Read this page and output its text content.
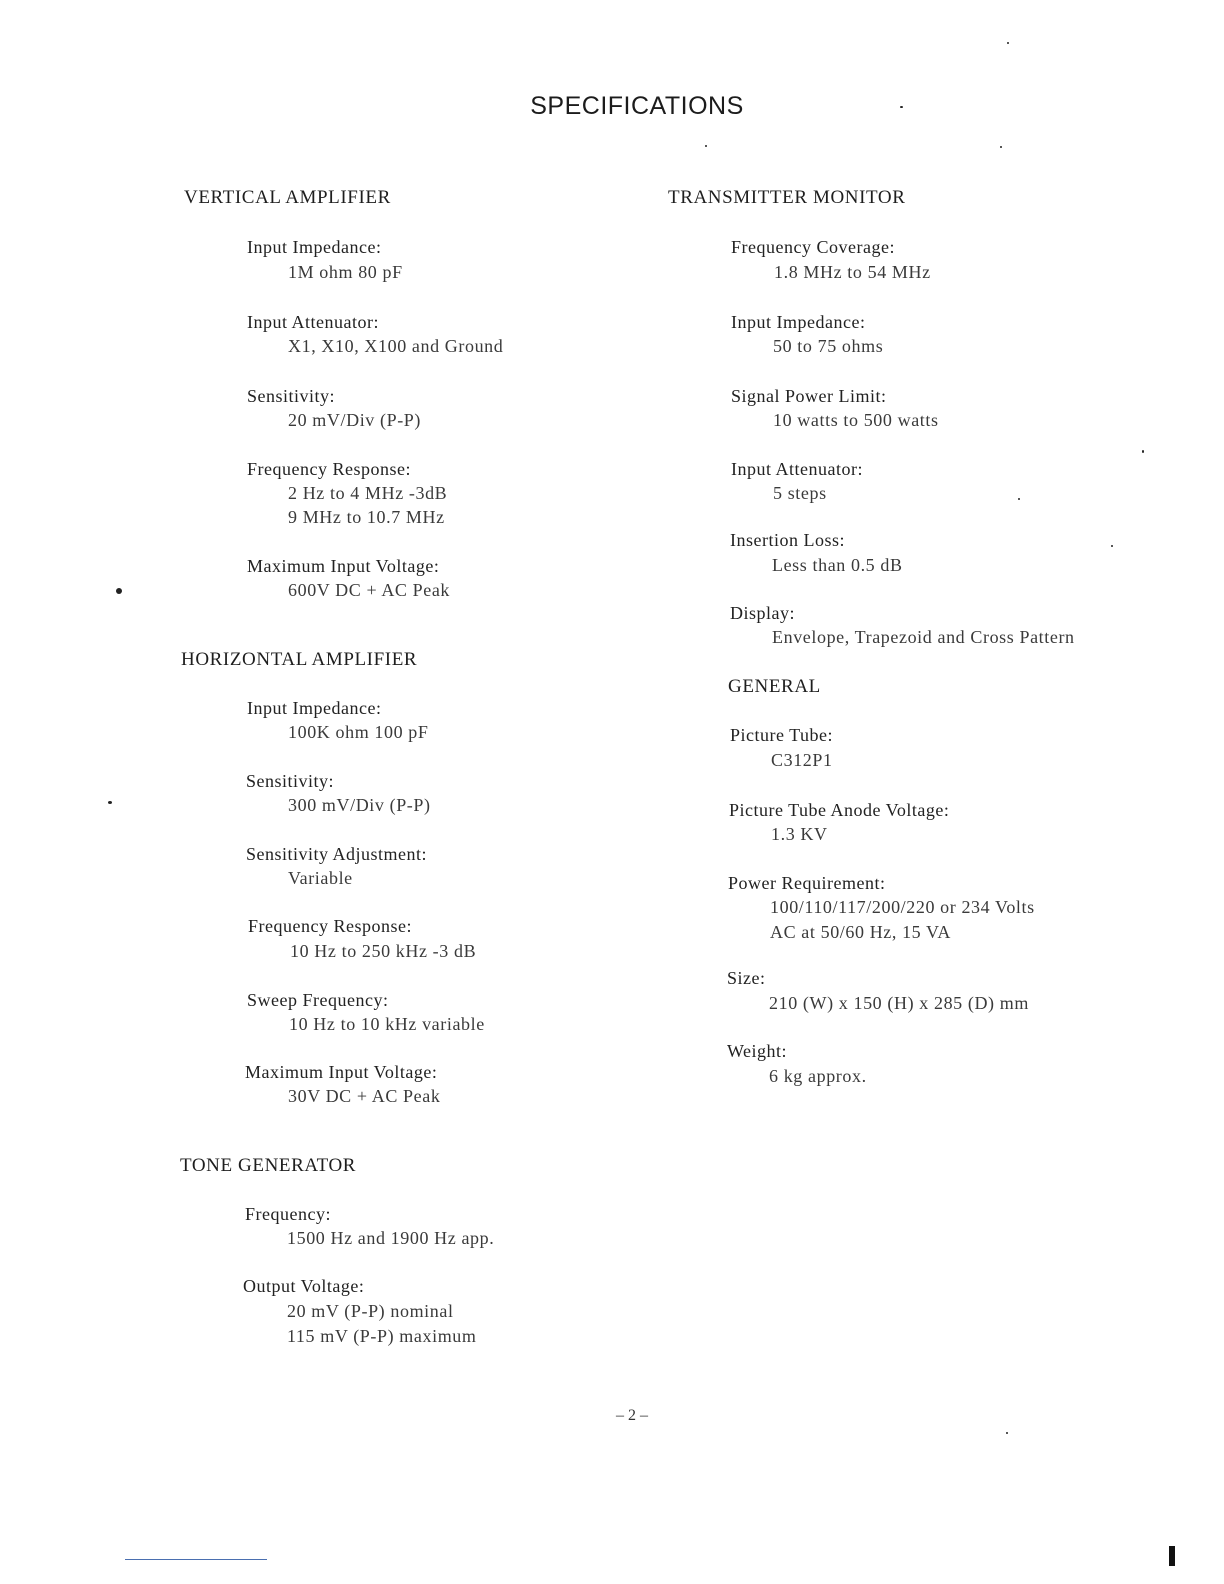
SPECIFICATIONS
VERTICAL AMPLIFIER
Input Impedance:
1M ohm 80 pF
Input Attenuator:
X1, X10, X100 and Ground
Sensitivity:
20 mV/Div (P-P)
Frequency Response:
2 Hz to 4 MHz -3dB
9 MHz to 10.7 MHz
Maximum Input Voltage:
600V DC + AC Peak
HORIZONTAL AMPLIFIER
Input Impedance:
100K ohm 100 pF
Sensitivity:
300 mV/Div (P-P)
Sensitivity Adjustment:
Variable
Frequency Response:
10 Hz to 250 kHz -3 dB
Sweep Frequency:
10 Hz to 10 kHz variable
Maximum Input Voltage:
30V DC + AC Peak
TONE GENERATOR
Frequency:
1500 Hz and 1900 Hz app.
Output Voltage:
20 mV (P-P) nominal
115 mV (P-P) maximum
TRANSMITTER MONITOR
Frequency Coverage:
1.8 MHz to 54 MHz
Input Impedance:
50 to 75 ohms
Signal Power Limit:
10 watts to 500 watts
Input Attenuator:
5 steps
Insertion Loss:
Less than 0.5 dB
Display:
Envelope, Trapezoid and Cross Pattern
GENERAL
Picture Tube:
C312P1
Picture Tube Anode Voltage:
1.3 KV
Power Requirement:
100/110/117/200/220 or 234 Volts
AC at 50/60 Hz, 15 VA
Size:
210 (W) x 150 (H) x 285 (D) mm
Weight:
6 kg approx.
– 2 –
